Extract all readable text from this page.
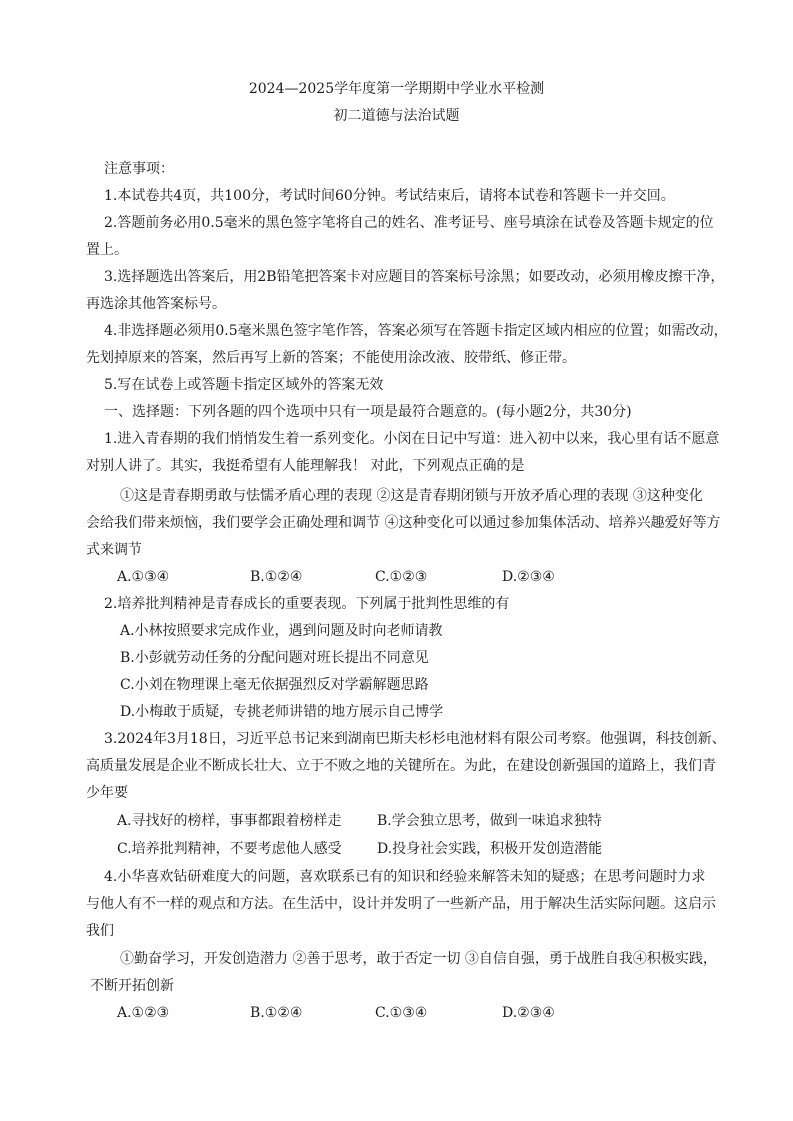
2024—2025学年度第一学期期中学业水平检测
初二道德与法治试题
注意事项：
1.本试卷共4页，共100分，考试时间60分钟。考试结束后，请将本试卷和答题卡一并交回。
2.答题前务必用0.5毫米的黑色签字笔将自己的姓名、准考证号、座号填涂在试卷及答题卡规定的位
置上。
3.选择题选出答案后，用2B铅笔把答案卡对应题目的答案标号涂黑；如要改动，必须用橡皮擦干净，
再选涂其他答案标号。
4.非选择题必须用0.5毫米黑色签字笔作答，答案必须写在答题卡指定区域内相应的位置；如需改动，
先划掉原来的答案，然后再写上新的答案；不能使用涂改液、胶带纸、修正带。
5.写在试卷上或答题卡指定区域外的答案无效
一、选择题：下列各题的四个选项中只有一项是最符合题意的。(每小题2分，共30分)
1.进入青春期的我们悄悄发生着一系列变化。小闵在日记中写道：进入初中以来，我心里有话不愿意
对别人讲了。其实，我挺希望有人能理解我！ 对此，下列观点正确的是
①这是青春期勇敢与怯懦矛盾心理的表现 ②这是青春期闭锁与开放矛盾心理的表现 ③这种变化
会给我们带来烦恼，我们要学会正确处理和调节 ④这种变化可以通过参加集体活动、培养兴趣爱好等方
式来调节
A.①③④	B.①②④	C.①②③	D.②③④
2.培养批判精神是青春成长的重要表现。下列属于批判性思维的有
A.小林按照要求完成作业，遇到问题及时向老师请教
B.小彭就劳动任务的分配问题对班长提出不同意见
C.小刘在物理课上毫无依据强烈反对学霸解题思路
D.小梅敢于质疑，专挑老师讲错的地方展示自己博学
3.2024年3月18日，习近平总书记来到湖南巴斯夫杉杉电池材料有限公司考察。他强调，科技创新、
高质量发展是企业不断成长壮大、立于不败之地的关键所在。为此，在建设创新强国的道路上，我们青
少年要
A.寻找好的榜样，事事都跟着榜样走	B.学会独立思考，做到一味追求独特
C.培养批判精神，不要考虑他人感受	D.投身社会实践，积极开发创造潜能
4.小华喜欢钻研难度大的问题，喜欢联系已有的知识和经验来解答未知的疑惑；在思考问题时力求
与他人有不一样的观点和方法。在生活中，设计并发明了一些新产品，用于解决生活实际问题。这启示
我们
①勤奋学习，开发创造潜力 ②善于思考，敢于否定一切 ③自信自强，勇于战胜自我④积极实践，
不断开拓创新
A.①②③	B.①②④	C.①③④	D.②③④
